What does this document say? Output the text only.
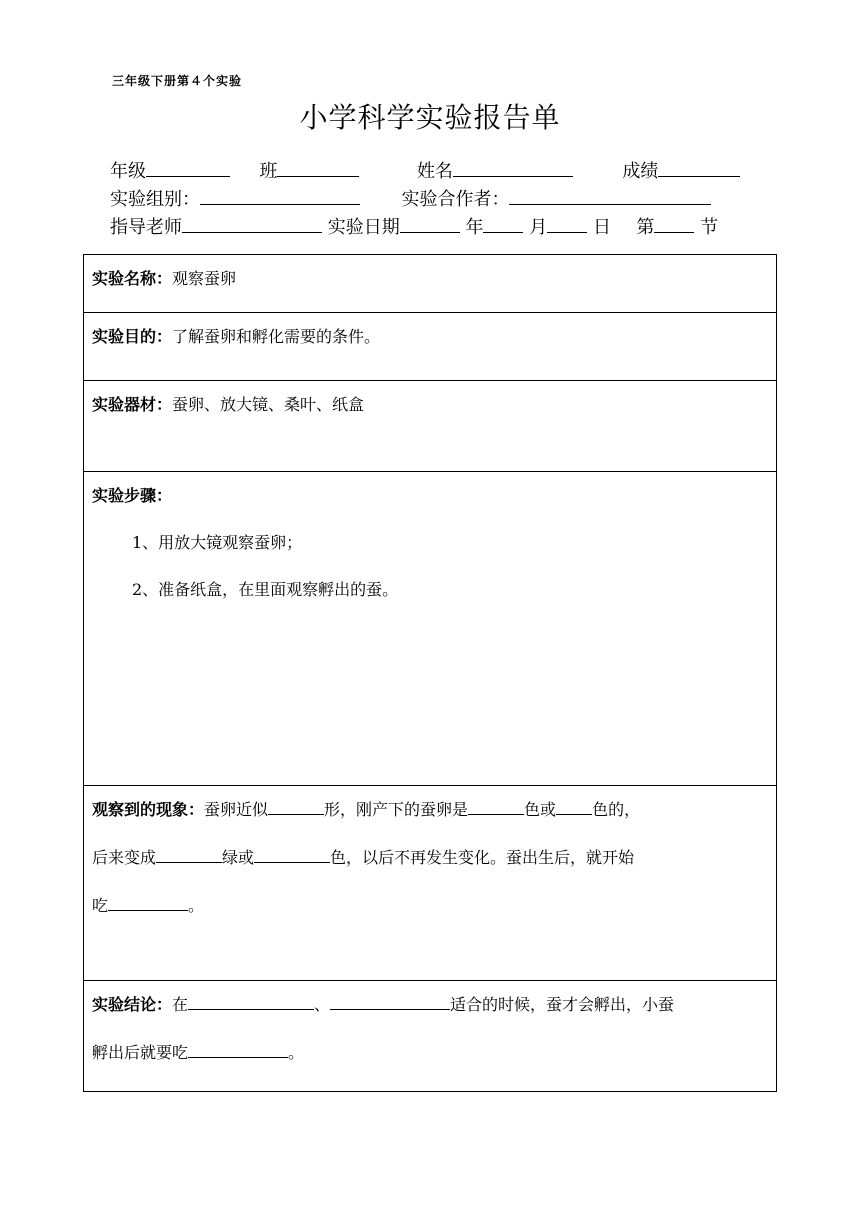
三年级下册第４个实验
小学科学实验报告单
年级	班	姓名	成绩
实验组别：	实验合作者：
指导老师	实验日期	年	月	日 第	节
实验名称：观察蚕卵

实验目的：了解蚕卵和孵化需要的条件。

实验器材：蚕卵、放大镜、桑叶、纸盒

实验步骤：
1、用放大镜观察蚕卵；
2、准备纸盒，在里面观察孵出的蚕。

观察到的现象：蚕卵近似	形，刚产下的蚕卵是	色或 色的，
后来变成	绿或	色，以后不再发生变化。蚕出生后，就开始
吃	。

实验结论：在	、	适合的时候，蚕才会孵出，小蚕
孵出后就要吃	。
